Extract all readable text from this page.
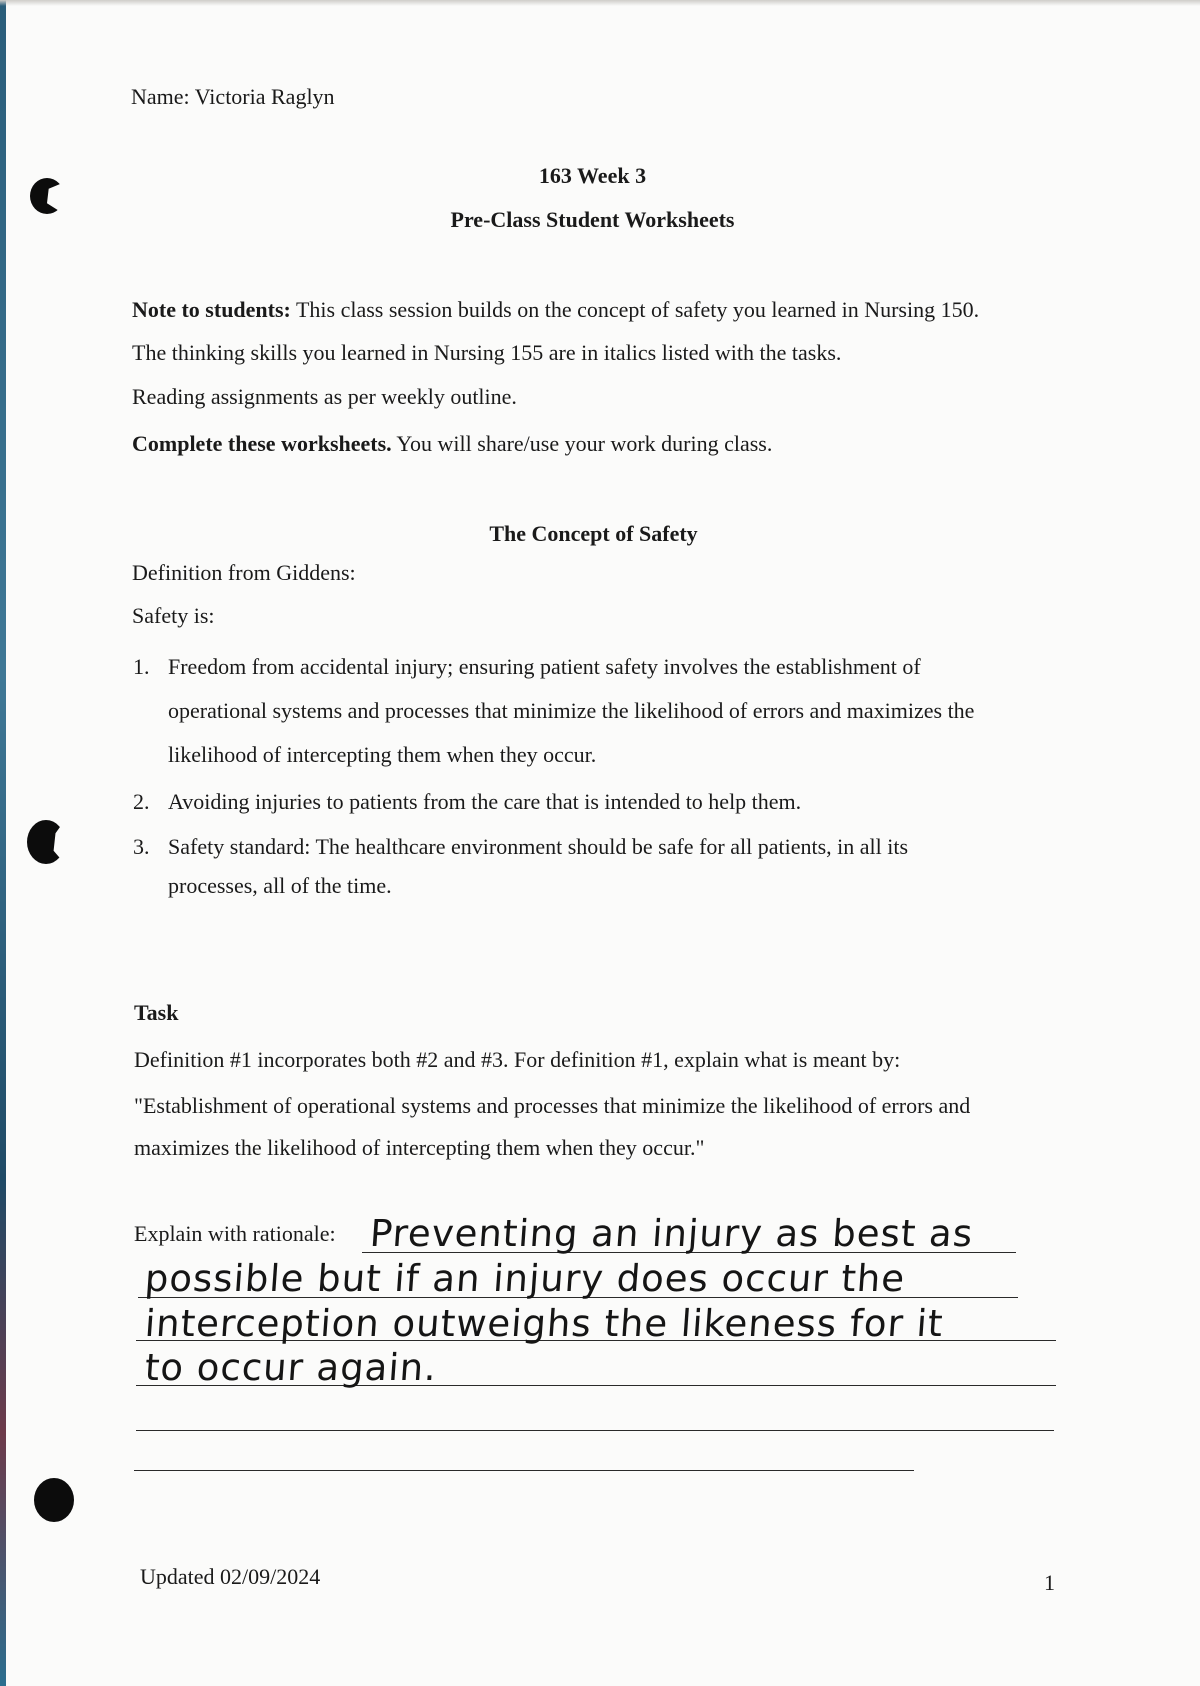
Name: Victoria Raglyn
163 Week 3
Pre-Class Student Worksheets
Note to students: This class session builds on the concept of safety you learned in Nursing 150.
The thinking skills you learned in Nursing 155 are in italics listed with the tasks.
Reading assignments as per weekly outline.
Complete these worksheets. You will share/use your work during class.
The Concept of Safety
Definition from Giddens:
Safety is:
1. Freedom from accidental injury; ensuring patient safety involves the establishment of
operational systems and processes that minimize the likelihood of errors and maximizes the
likelihood of intercepting them when they occur.
2. Avoiding injuries to patients from the care that is intended to help them.
3. Safety standard: The healthcare environment should be safe for all patients, in all its
processes, all of the time.
Task
Definition #1 incorporates both #2 and #3. For definition #1, explain what is meant by:
"Establishment of operational systems and processes that minimize the likelihood of errors and
maximizes the likelihood of intercepting them when they occur."
Explain with rationale: Preventing an injury as best as
possible but if an injury does occur the
interception outweighs the likeness for it
to occur again.
Updated 02/09/2024	1
